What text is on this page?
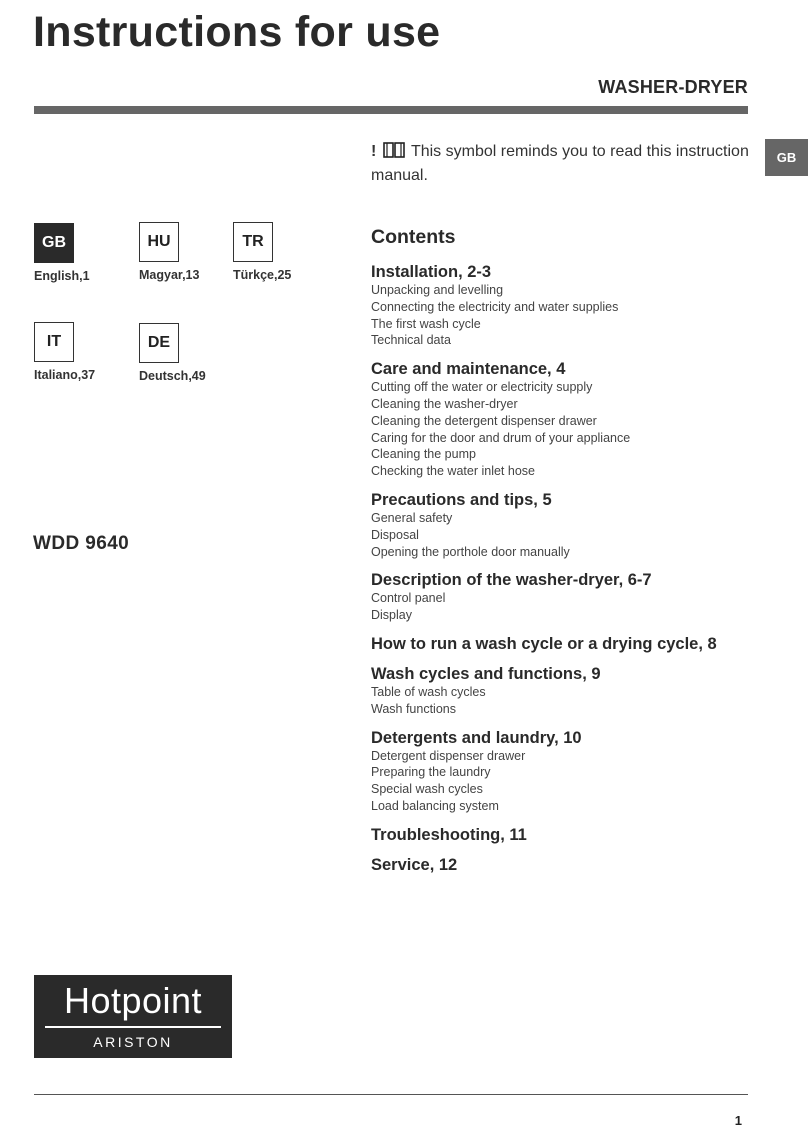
Instructions for use
WASHER-DRYER
GB
! This symbol reminds you to read this instruction manual.
GB
English,1
HU
Magyar,13
TR
Türkçe,25
IT
Italiano,37
DE
Deutsch,49
WDD 9640
Contents
Installation, 2-3
Unpacking and levelling
Connecting the electricity and water supplies
The first wash cycle
Technical data
Care and maintenance, 4
Cutting off the water or electricity supply
Cleaning the washer-dryer
Cleaning the detergent dispenser drawer
Caring for the door and drum of your appliance
Cleaning the pump
Checking the water inlet hose
Precautions and tips, 5
General safety
Disposal
Opening the porthole door manually
Description of the washer-dryer, 6-7
Control panel
Display
How to run a wash cycle or a drying cycle, 8
Wash cycles and functions, 9
Table of wash cycles
Wash functions
Detergents and laundry, 10
Detergent dispenser drawer
Preparing the laundry
Special wash cycles
Load balancing system
Troubleshooting, 11
Service, 12
Hotpoint
ARISTON
1
